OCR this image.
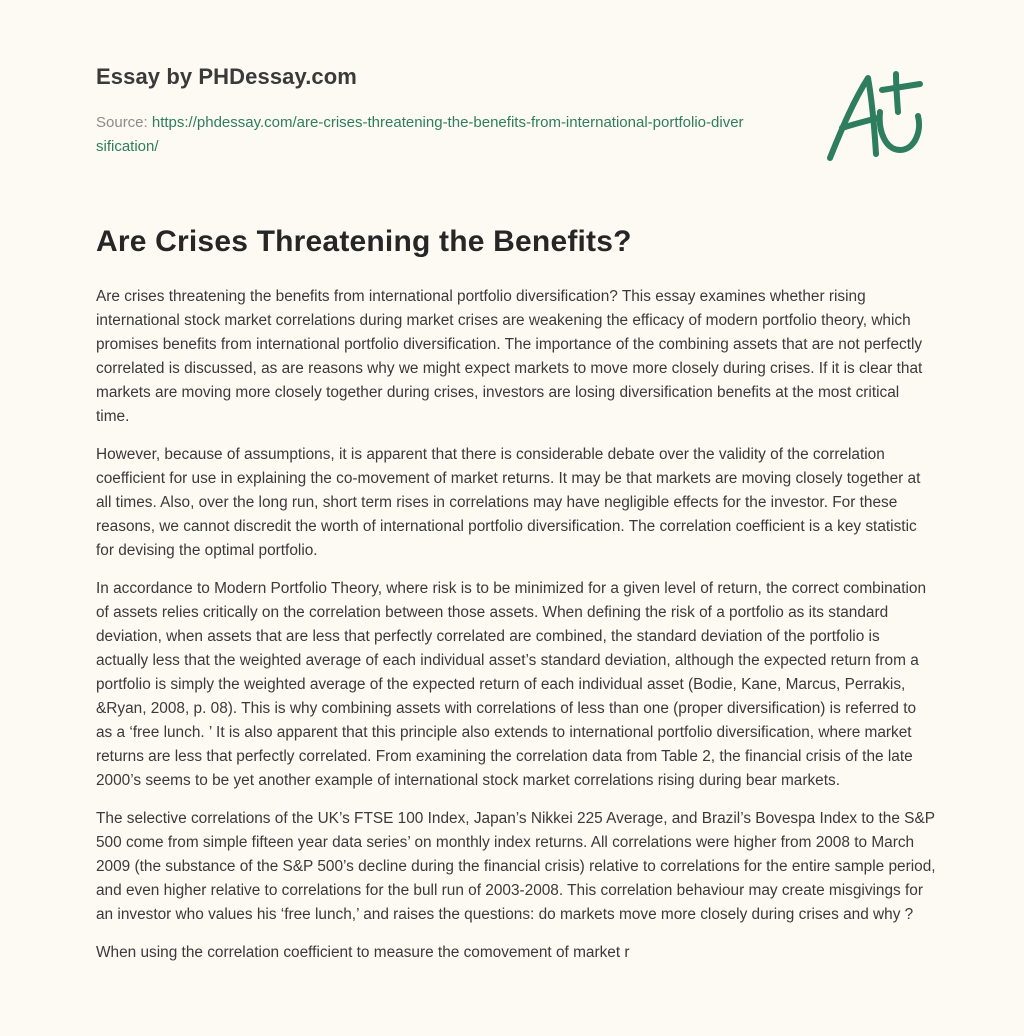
Essay by PHDessay.com
Source: https://phdessay.com/are-crises-threatening-the-benefits-from-international-portfolio-diversification/
Are Crises Threatening the Benefits?

Are crises threatening the benefits from international portfolio diversification? This essay examines whether rising international stock market correlations during market crises are weakening the efficacy of modern portfolio theory, which promises benefits from international portfolio diversification. The importance of the combining assets that are not perfectly correlated is discussed, as are reasons why we might expect markets to move more closely during crises. If it is clear that markets are moving more closely together during crises, investors are losing diversification benefits at the most critical time.

However, because of assumptions, it is apparent that there is considerable debate over the validity of the correlation coefficient for use in explaining the co-movement of market returns. It may be that markets are moving closely together at all times. Also, over the long run, short term rises in correlations may have negligible effects for the investor. For these reasons, we cannot discredit the worth of international portfolio diversification. The correlation coefficient is a key statistic for devising the optimal portfolio.

In accordance to Modern Portfolio Theory, where risk is to be minimized for a given level of return, the correct combination of assets relies critically on the correlation between those assets. When defining the risk of a portfolio as its standard deviation, when assets that are less that perfectly correlated are combined, the standard deviation of the portfolio is actually less that the weighted average of each individual asset’s standard deviation, although the expected return from a portfolio is simply the weighted average of the expected return of each individual asset (Bodie, Kane, Marcus, Perrakis, &Ryan, 2008, p. 08). This is why combining assets with correlations of less than one (proper diversification) is referred to as a ‘free lunch. ’ It is also apparent that this principle also extends to international portfolio diversification, where market returns are less that perfectly correlated. From examining the correlation data from Table 2, the financial crisis of the late 2000’s seems to be yet another example of international stock market correlations rising during bear markets.

The selective correlations of the UK’s FTSE 100 Index, Japan’s Nikkei 225 Average, and Brazil’s Bovespa Index to the S&P 500 come from simple fifteen year data series’ on monthly index returns. All correlations were higher from 2008 to March 2009 (the substance of the S&P 500’s decline during the financial crisis) relative to correlations for the entire sample period, and even higher relative to correlations for the bull run of 2003-2008. This correlation behaviour may create misgivings for an investor who values his ‘free lunch,’ and raises the questions: do markets move more closely during crises and why ?

When using the correlation coefficient to measure the comovement of market r
